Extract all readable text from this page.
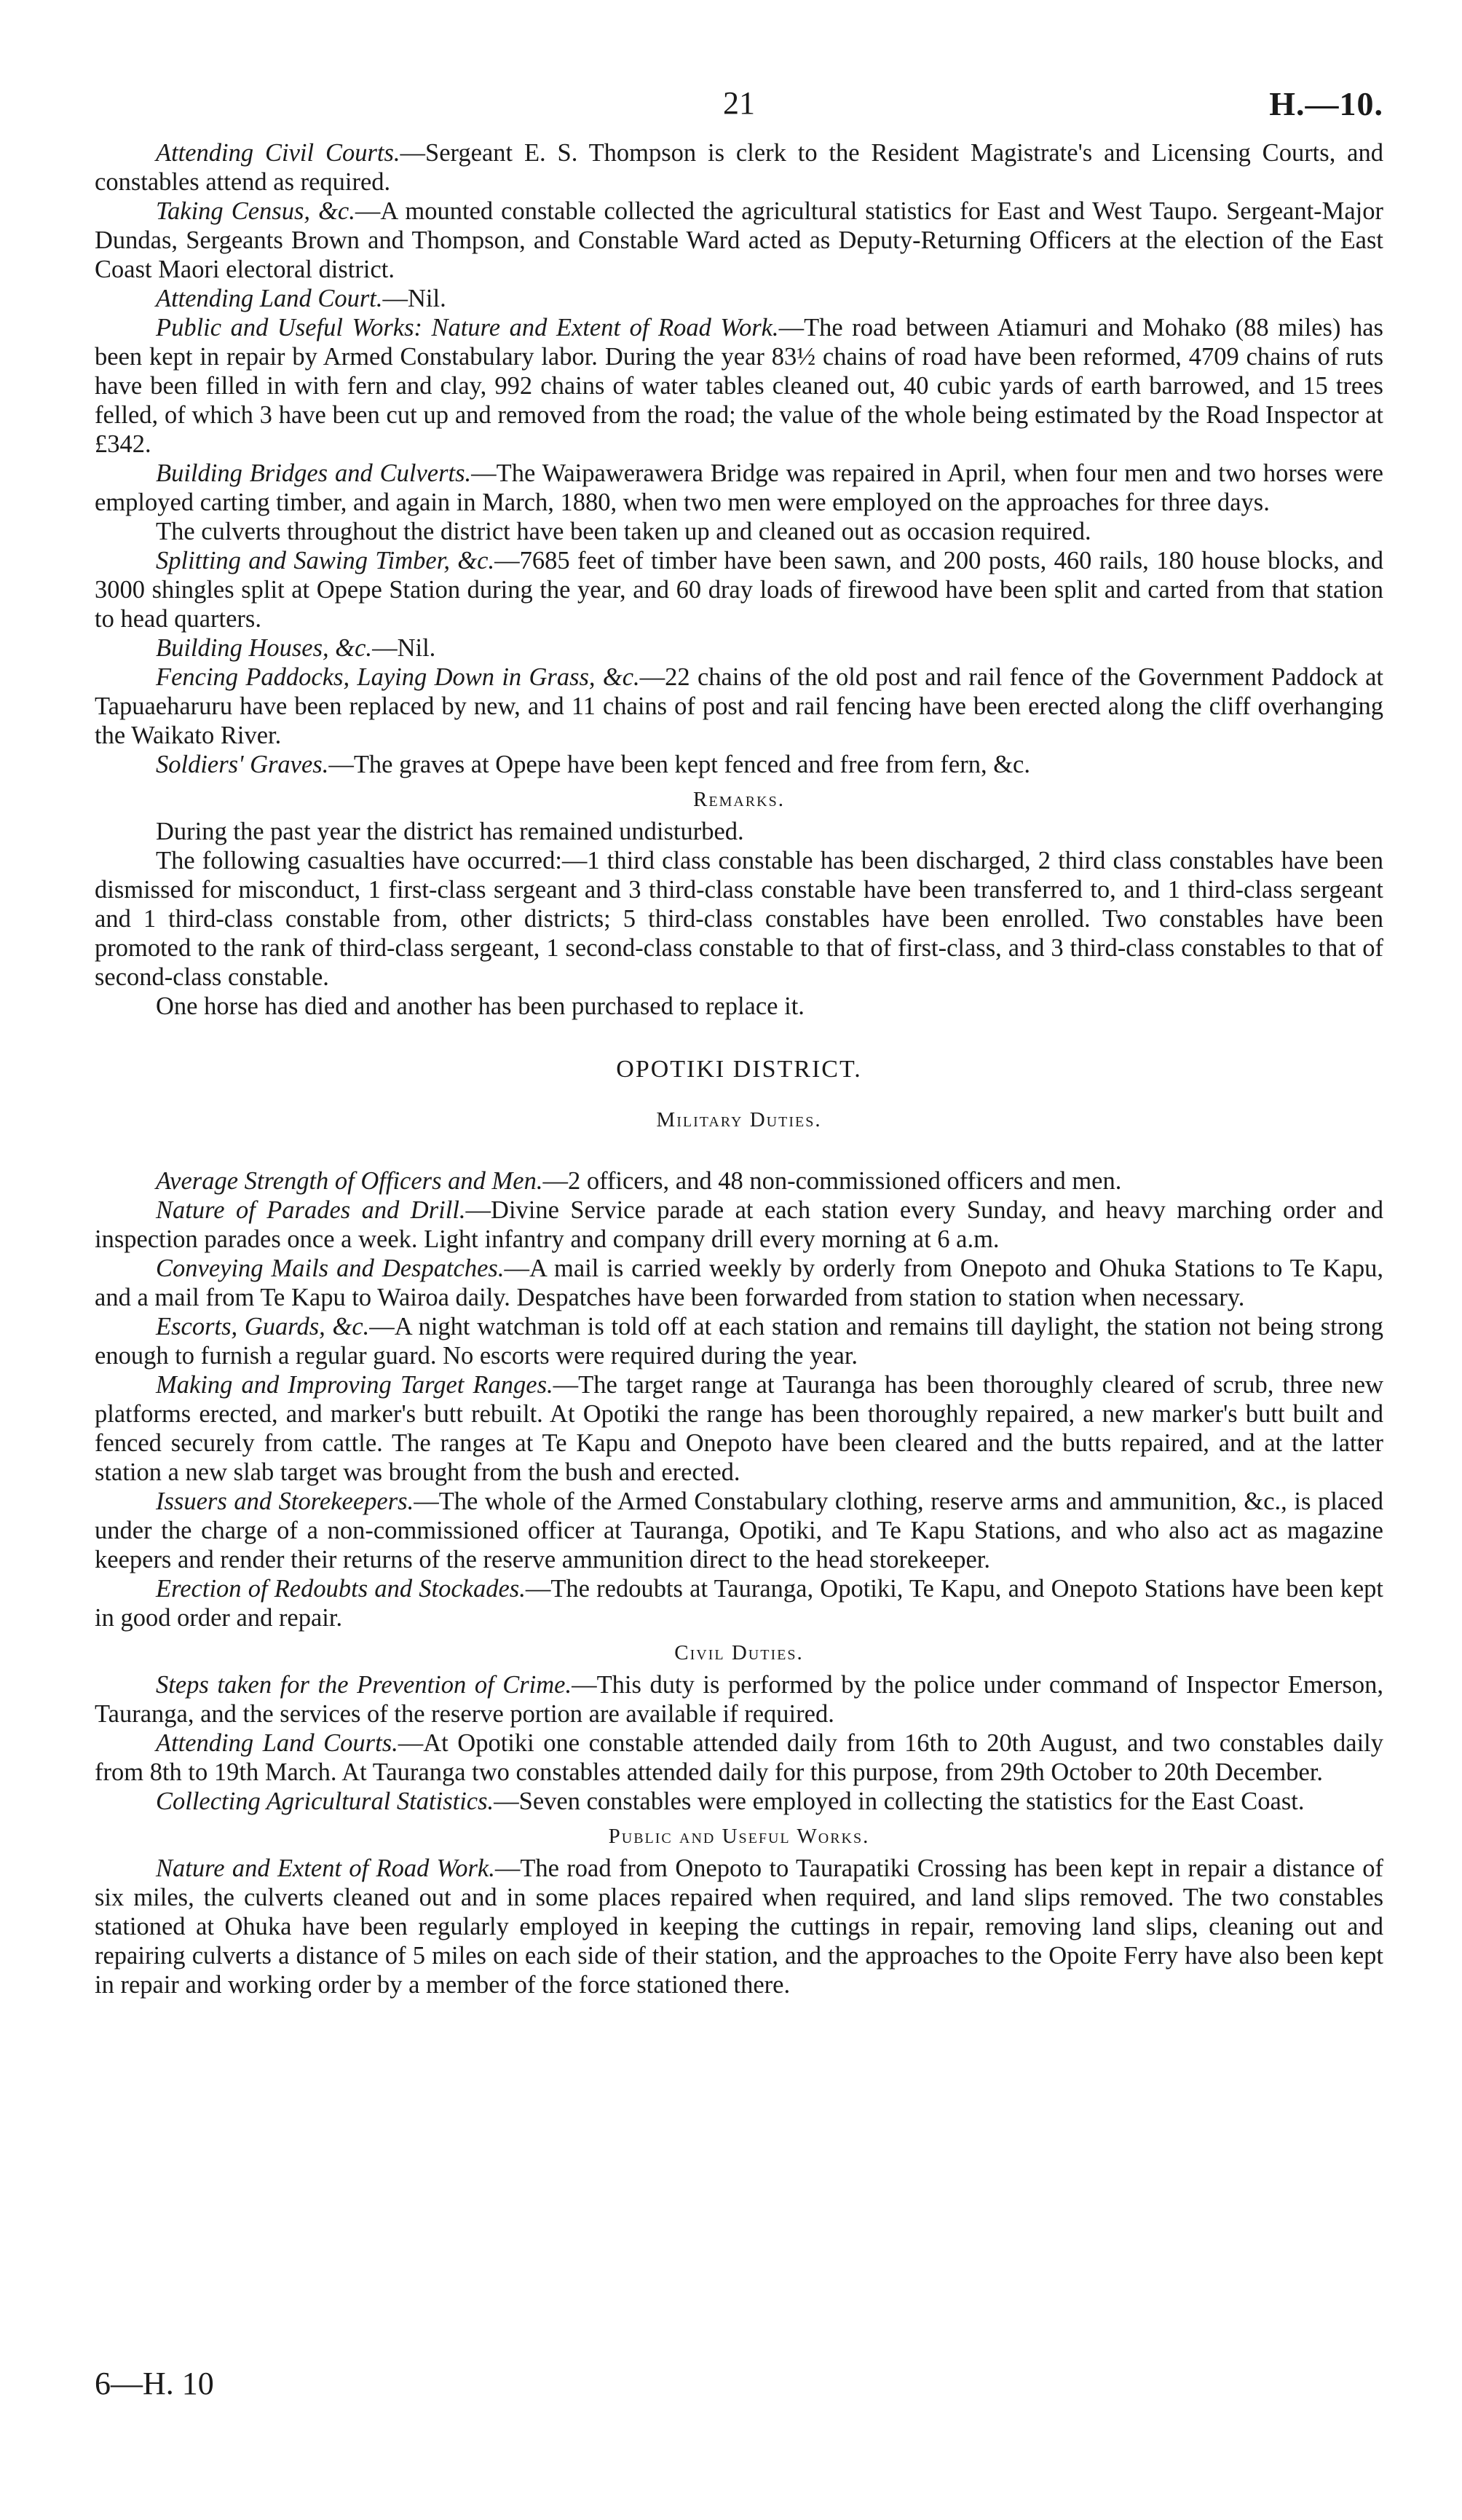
21	H.—10.

Attending Civil Courts.—Sergeant E. S. Thompson is clerk to the Resident Magistrate's and Licensing Courts, and constables attend as required.

Taking Census, &c.—A mounted constable collected the agricultural statistics for East and West Taupo. Sergeant-Major Dundas, Sergeants Brown and Thompson, and Constable Ward acted as Deputy-Returning Officers at the election of the East Coast Maori electoral district.

Attending Land Court.—Nil.

Public and Useful Works: Nature and Extent of Road Work.—The road between Atiamuri and Mohako (88 miles) has been kept in repair by Armed Constabulary labor. During the year 83½ chains of road have been reformed, 4709 chains of ruts have been filled in with fern and clay, 992 chains of water tables cleaned out, 40 cubic yards of earth barrowed, and 15 trees felled, of which 3 have been cut up and removed from the road; the value of the whole being estimated by the Road Inspector at £342.

Building Bridges and Culverts.—The Waipawerawera Bridge was repaired in April, when four men and two horses were employed carting timber, and again in March, 1880, when two men were employed on the approaches for three days.

The culverts throughout the district have been taken up and cleaned out as occasion required.

Splitting and Sawing Timber, &c.—7685 feet of timber have been sawn, and 200 posts, 460 rails, 180 house blocks, and 3000 shingles split at Opepe Station during the year, and 60 dray loads of firewood have been split and carted from that station to head quarters.

Building Houses, &c.—Nil.

Fencing Paddocks, Laying Down in Grass, &c.—22 chains of the old post and rail fence of the Government Paddock at Tapuaeharuru have been replaced by new, and 11 chains of post and rail fencing have been erected along the cliff overhanging the Waikato River.

Soldiers' Graves.—The graves at Opepe have been kept fenced and free from fern, &c.

Remarks.

During the past year the district has remained undisturbed.

The following casualties have occurred:—1 third class constable has been discharged, 2 third class constables have been dismissed for misconduct, 1 first-class sergeant and 3 third-class constable have been transferred to, and 1 third-class sergeant and 1 third-class constable from, other districts; 5 third-class constables have been enrolled. Two constables have been promoted to the rank of third-class sergeant, 1 second-class constable to that of first-class, and 3 third-class constables to that of second-class constable.

One horse has died and another has been purchased to replace it.

OPOTIKI DISTRICT.
Military Duties.

Average Strength of Officers and Men.—2 officers, and 48 non-commissioned officers and men.

Nature of Parades and Drill.—Divine Service parade at each station every Sunday, and heavy marching order and inspection parades once a week. Light infantry and company drill every morning at 6 a.m.

Conveying Mails and Despatches.—A mail is carried weekly by orderly from Onepoto and Ohuka Stations to Te Kapu, and a mail from Te Kapu to Wairoa daily. Despatches have been forwarded from station to station when necessary.

Escorts, Guards, &c.—A night watchman is told off at each station and remains till daylight, the station not being strong enough to furnish a regular guard. No escorts were required during the year.

Making and Improving Target Ranges.—The target range at Tauranga has been thoroughly cleared of scrub, three new platforms erected, and marker's butt rebuilt. At Opotiki the range has been thoroughly repaired, a new marker's butt built and fenced securely from cattle. The ranges at Te Kapu and Onepoto have been cleared and the butts repaired, and at the latter station a new slab target was brought from the bush and erected.

Issuers and Storekeepers.—The whole of the Armed Constabulary clothing, reserve arms and ammunition, &c., is placed under the charge of a non-commissioned officer at Tauranga, Opotiki, and Te Kapu Stations, and who also act as magazine keepers and render their returns of the reserve ammunition direct to the head storekeeper.

Erection of Redoubts and Stockades.—The redoubts at Tauranga, Opotiki, Te Kapu, and Onepoto Stations have been kept in good order and repair.

Civil Duties.

Steps taken for the Prevention of Crime.—This duty is performed by the police under command of Inspector Emerson, Tauranga, and the services of the reserve portion are available if required.

Attending Land Courts.—At Opotiki one constable attended daily from 16th to 20th August, and two constables daily from 8th to 19th March. At Tauranga two constables attended daily for this purpose, from 29th October to 20th December.

Collecting Agricultural Statistics.—Seven constables were employed in collecting the statistics for the East Coast.

Public and Useful Works.

Nature and Extent of Road Work.—The road from Onepoto to Taurapatiki Crossing has been kept in repair a distance of six miles, the culverts cleaned out and in some places repaired when required, and land slips removed. The two constables stationed at Ohuka have been regularly employed in keeping the cuttings in repair, removing land slips, cleaning out and repairing culverts a distance of 5 miles on each side of their station, and the approaches to the Opoite Ferry have also been kept in repair and working order by a member of the force stationed there.

6—H. 10
